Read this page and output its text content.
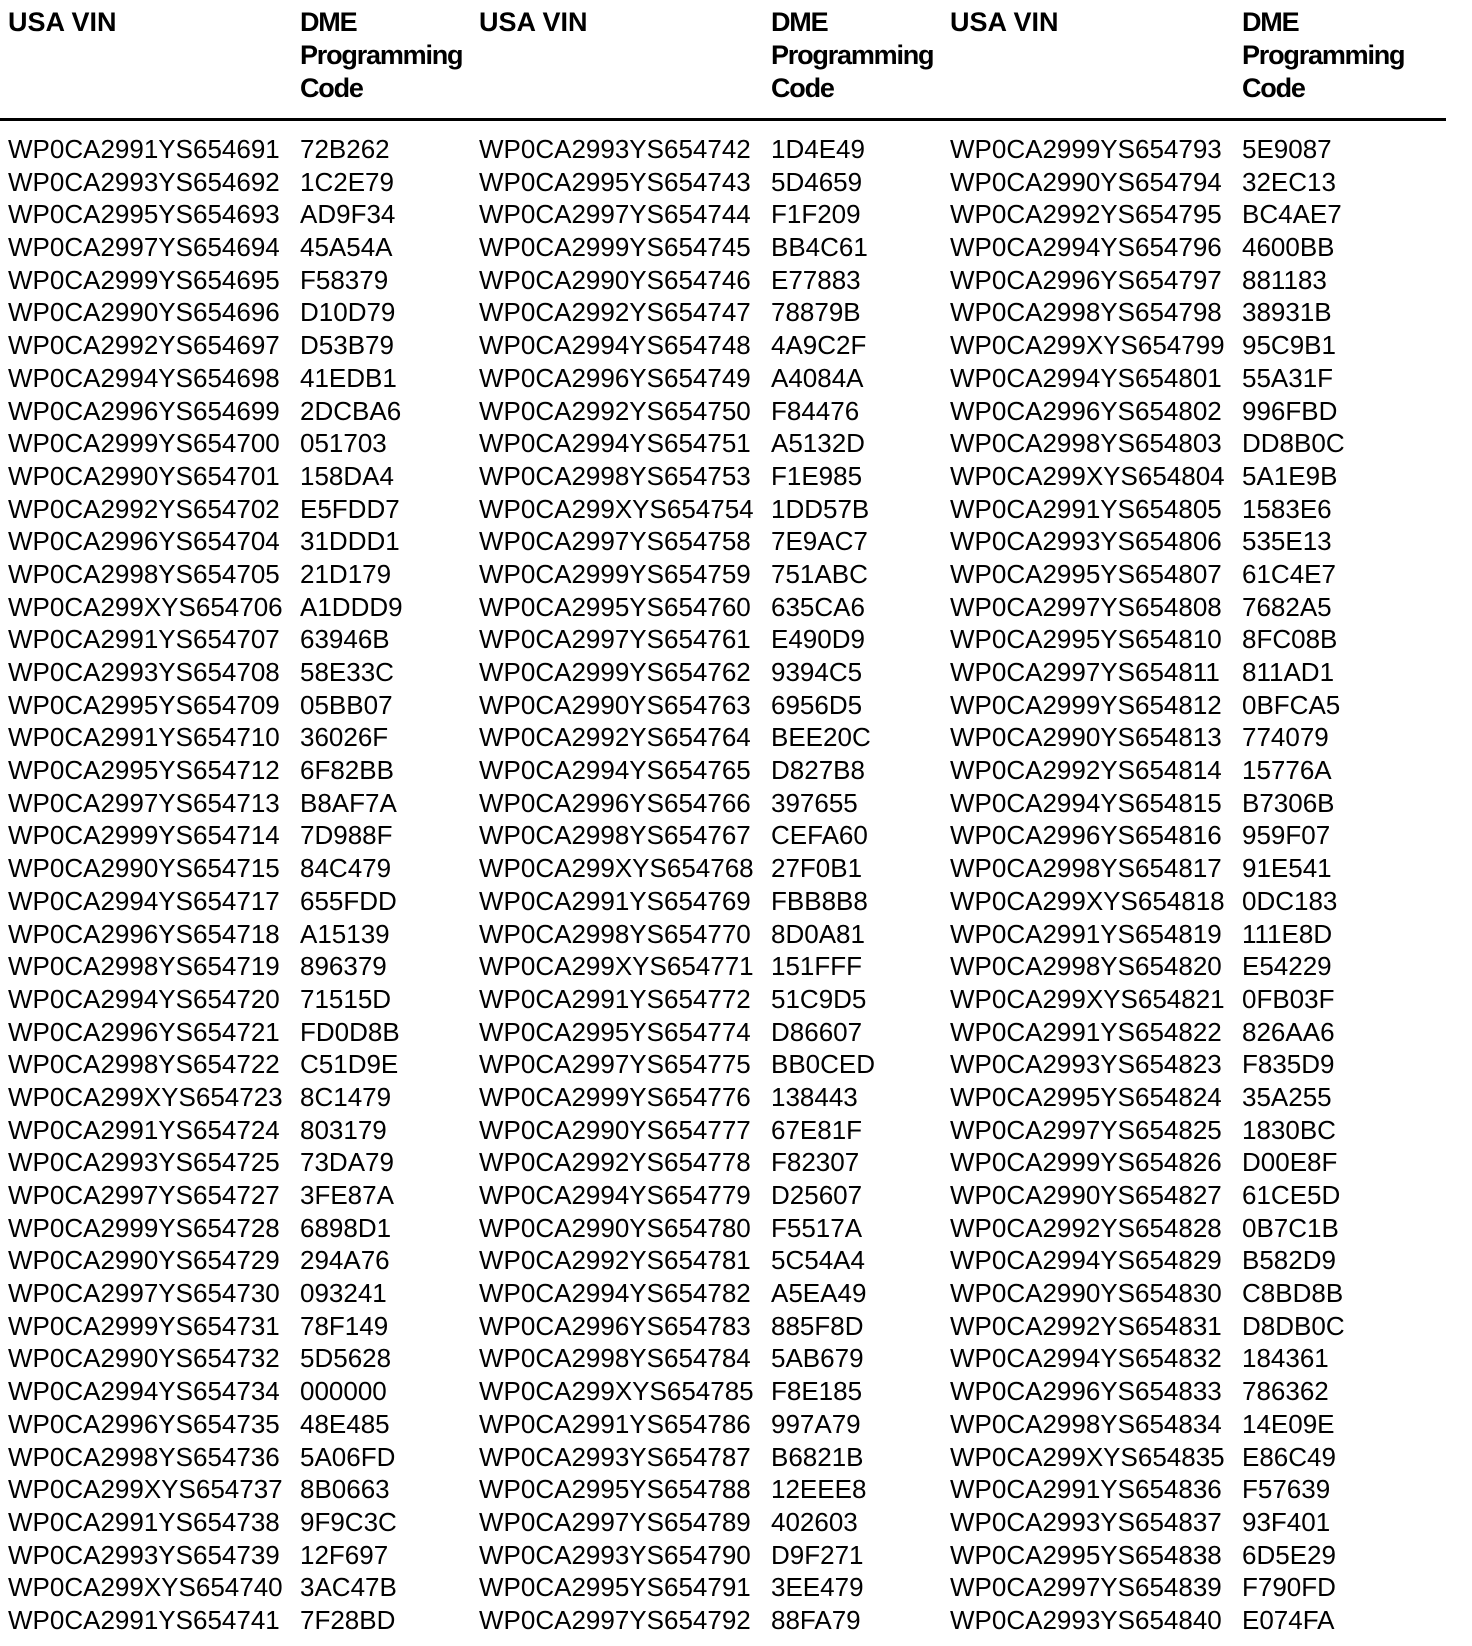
USA VIN	DME
Programming
Code
WP0CA2991YS654691 72B262
WP0CA2993YS654692 1C2E79
WP0CA2995YS654693 AD9F34
WP0CA2997YS654694 45A54A
WP0CA2999YS654695 F58379
WP0CA2990YS654696 D10D79
WP0CA2992YS654697 D53B79
WP0CA2994YS654698 41EDB1
WP0CA2996YS654699 2DCBA6
WP0CA2999YS654700 051703
WP0CA2990YS654701 158DA4
WP0CA2992YS654702 E5FDD7
WP0CA2996YS654704 31DDD1
WP0CA2998YS654705 21D179
WP0CA299XYS654706 A1DDD9
WP0CA2991YS654707 63946B
WP0CA2993YS654708 58E33C
WP0CA2995YS654709 05BB07
WP0CA2991YS654710 36026F
WP0CA2995YS654712 6F82BB
WP0CA2997YS654713 B8AF7A
WP0CA2999YS654714 7D988F
WP0CA2990YS654715 84C479
WP0CA2994YS654717 655FDD
WP0CA2996YS654718 A15139
WP0CA2998YS654719 896379
WP0CA2994YS654720 71515D
WP0CA2996YS654721 FD0D8B
WP0CA2998YS654722 C51D9E
WP0CA299XYS654723 8C1479
WP0CA2991YS654724 803179
WP0CA2993YS654725 73DA79
WP0CA2997YS654727 3FE87A
WP0CA2999YS654728 6898D1
WP0CA2990YS654729 294A76
WP0CA2997YS654730 093241
WP0CA2999YS654731 78F149
WP0CA2990YS654732 5D5628
WP0CA2994YS654734 000000
WP0CA2996YS654735 48E485
WP0CA2998YS654736 5A06FD
WP0CA299XYS654737 8B0663
WP0CA2991YS654738 9F9C3C
WP0CA2993YS654739 12F697
WP0CA299XYS654740 3AC47B
WP0CA2991YS654741 7F28BD
USA VIN	DME
Programming
Code
WP0CA2993YS654742 1D4E49
WP0CA2995YS654743 5D4659
WP0CA2997YS654744 F1F209
WP0CA2999YS654745 BB4C61
WP0CA2990YS654746 E77883
WP0CA2992YS654747 78879B
WP0CA2994YS654748 4A9C2F
WP0CA2996YS654749 A4084A
WP0CA2992YS654750 F84476
WP0CA2994YS654751 A5132D
WP0CA2998YS654753 F1E985
WP0CA299XYS654754 1DD57B
WP0CA2997YS654758 7E9AC7
WP0CA2999YS654759 751ABC
WP0CA2995YS654760 635CA6
WP0CA2997YS654761 E490D9
WP0CA2999YS654762 9394C5
WP0CA2990YS654763 6956D5
WP0CA2992YS654764 BEE20C
WP0CA2994YS654765 D827B8
WP0CA2996YS654766 397655
WP0CA2998YS654767 CEFA60
WP0CA299XYS654768 27F0B1
WP0CA2991YS654769 FBB8B8
WP0CA2998YS654770 8D0A81
WP0CA299XYS654771 151FFF
WP0CA2991YS654772 51C9D5
WP0CA2995YS654774 D86607
WP0CA2997YS654775 BB0CED
WP0CA2999YS654776 138443
WP0CA2990YS654777 67E81F
WP0CA2992YS654778 F82307
WP0CA2994YS654779 D25607
WP0CA2990YS654780 F5517A
WP0CA2992YS654781 5C54A4
WP0CA2994YS654782 A5EA49
WP0CA2996YS654783 885F8D
WP0CA2998YS654784 5AB679
WP0CA299XYS654785 F8E185
WP0CA2991YS654786 997A79
WP0CA2993YS654787 B6821B
WP0CA2995YS654788 12EEE8
WP0CA2997YS654789 402603
WP0CA2993YS654790 D9F271
WP0CA2995YS654791 3EE479
WP0CA2997YS654792 88FA79
USA VIN	DME
Programming
Code
WP0CA2999YS654793 5E9087
WP0CA2990YS654794 32EC13
WP0CA2992YS654795 BC4AE7
WP0CA2994YS654796 4600BB
WP0CA2996YS654797 881183
WP0CA2998YS654798 38931B
WP0CA299XYS654799 95C9B1
WP0CA2994YS654801 55A31F
WP0CA2996YS654802 996FBD
WP0CA2998YS654803 DD8B0C
WP0CA299XYS654804 5A1E9B
WP0CA2991YS654805 1583E6
WP0CA2993YS654806 535E13
WP0CA2995YS654807 61C4E7
WP0CA2997YS654808 7682A5
WP0CA2995YS654810 8FC08B
WP0CA2997YS654811 811AD1
WP0CA2999YS654812 0BFCA5
WP0CA2990YS654813 774079
WP0CA2992YS654814 15776A
WP0CA2994YS654815 B7306B
WP0CA2996YS654816 959F07
WP0CA2998YS654817 91E541
WP0CA299XYS654818 0DC183
WP0CA2991YS654819 111E8D
WP0CA2998YS654820 E54229
WP0CA299XYS654821 0FB03F
WP0CA2991YS654822 826AA6
WP0CA2993YS654823 F835D9
WP0CA2995YS654824 35A255
WP0CA2997YS654825 1830BC
WP0CA2999YS654826 D00E8F
WP0CA2990YS654827 61CE5D
WP0CA2992YS654828 0B7C1B
WP0CA2994YS654829 B582D9
WP0CA2990YS654830 C8BD8B
WP0CA2992YS654831 D8DB0C
WP0CA2994YS654832 184361
WP0CA2996YS654833 786362
WP0CA2998YS654834 14E09E
WP0CA299XYS654835 E86C49
WP0CA2991YS654836 F57639
WP0CA2993YS654837 93F401
WP0CA2995YS654838 6D5E29
WP0CA2997YS654839 F790FD
WP0CA2993YS654840 E074FA
